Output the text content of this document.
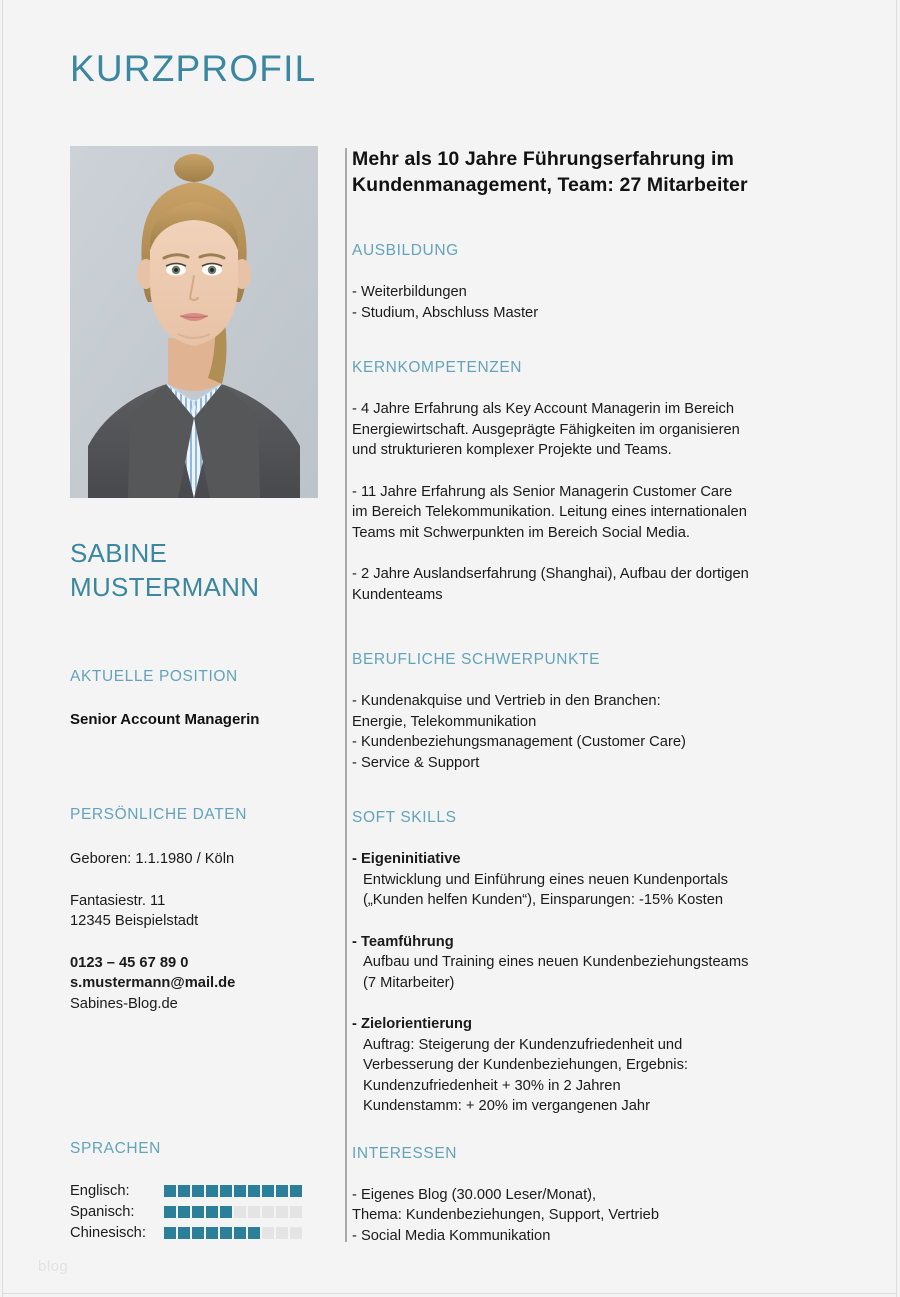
KURZPROFIL
SABINE
MUSTERMANN
AKTUELLE POSITION
Senior Account Managerin
PERSÖNLICHE DATEN
Geboren: 1.1.1980 / Köln
Fantasiestr. 11
12345 Beispielstadt
0123 – 45 67 89 0
s.mustermann@mail.de
Sabines-Blog.de
SPRACHEN
Englisch:	
Spanisch:	
Chinesisch:	
Mehr als 10 Jahre Führungserfahrung im
Kundenmanagement, Team: 27 Mitarbeiter
AUSBILDUNG
- Weiterbildungen
- Studium, Abschluss Master
KERNKOMPETENZEN
- 4 Jahre Erfahrung als Key Account Managerin im Bereich
Energiewirtschaft. Ausgeprägte Fähigkeiten im organisieren
und strukturieren komplexer Projekte und Teams.
- 11 Jahre Erfahrung als Senior Managerin Customer Care
im Bereich Telekommunikation. Leitung eines internationalen
Teams mit Schwerpunkten im Bereich Social Media.
- 2 Jahre Auslandserfahrung (Shanghai), Aufbau der dortigen
Kundenteams
BERUFLICHE SCHWERPUNKTE
- Kundenakquise und Vertrieb in den Branchen:
Energie, Telekommunikation
- Kundenbeziehungsmanagement (Customer Care)
- Service & Support
SOFT SKILLS
- Eigeninitiative
Entwicklung und Einführung eines neuen Kundenportals
(„Kunden helfen Kunden“), Einsparungen: -15% Kosten
- Teamführung
Aufbau und Training eines neuen Kundenbeziehungsteams
(7 Mitarbeiter)
- Zielorientierung
Auftrag: Steigerung der Kundenzufriedenheit und
Verbesserung der Kundenbeziehungen, Ergebnis:
Kundenzufriedenheit + 30% in 2 Jahren
Kundenstamm: + 20% im vergangenen Jahr
INTERESSEN
- Eigenes Blog (30.000 Leser/Monat),
Thema: Kundenbeziehungen, Support, Vertrieb
- Social Media Kommunikation
blog
